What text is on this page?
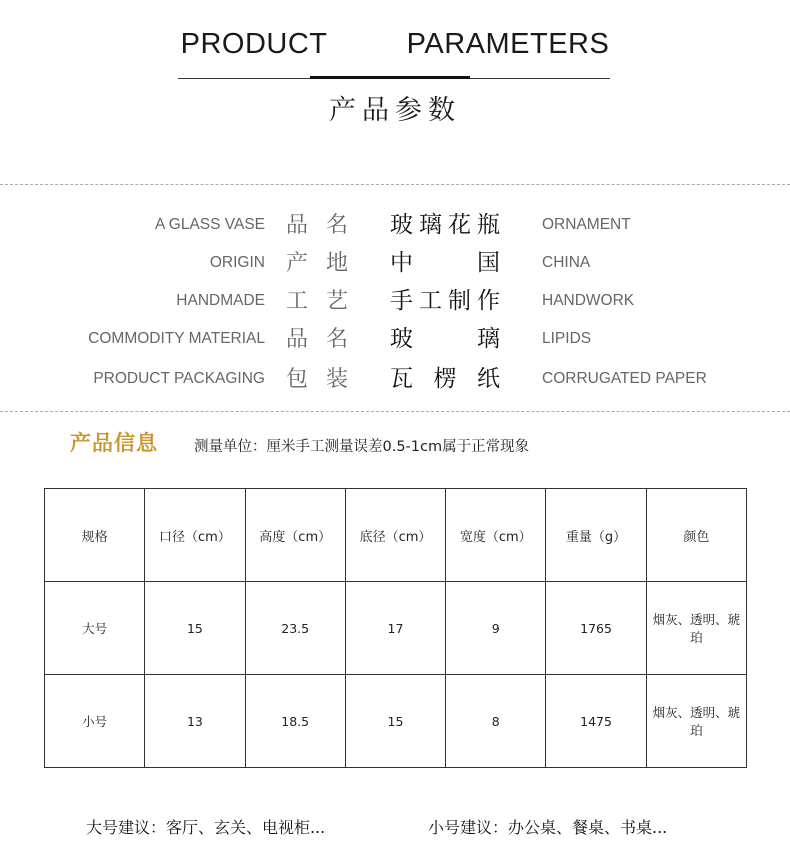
PRODUCT   PARAMETERS
产品参数
A GLASS VASE 品名 玻璃花瓶	ORNAMENT
ORIGIN 产地 中国	CHINA
HANDMADE 工艺 手工制作	HANDWORK
COMMODITY MATERIAL 品名 玻璃	LIPIDS
PRODUCT PACKAGING 包装 瓦楞纸	CORRUGATED PAPER
产品信息 测量单位：厘米手工测量误差0.5-1cm属于正常现象
规格	口径（cm）	高度（cm）	底径（cm）	宽度（cm）	重量（g）	颜色
大号	15	23.5	17	9	1765	烟灰、透明、琥珀
小号	13	18.5	15	8	1475	烟灰、透明、琥珀
大号建议：客厅、玄关、电视柜...	小号建议：办公桌、餐桌、书桌...
